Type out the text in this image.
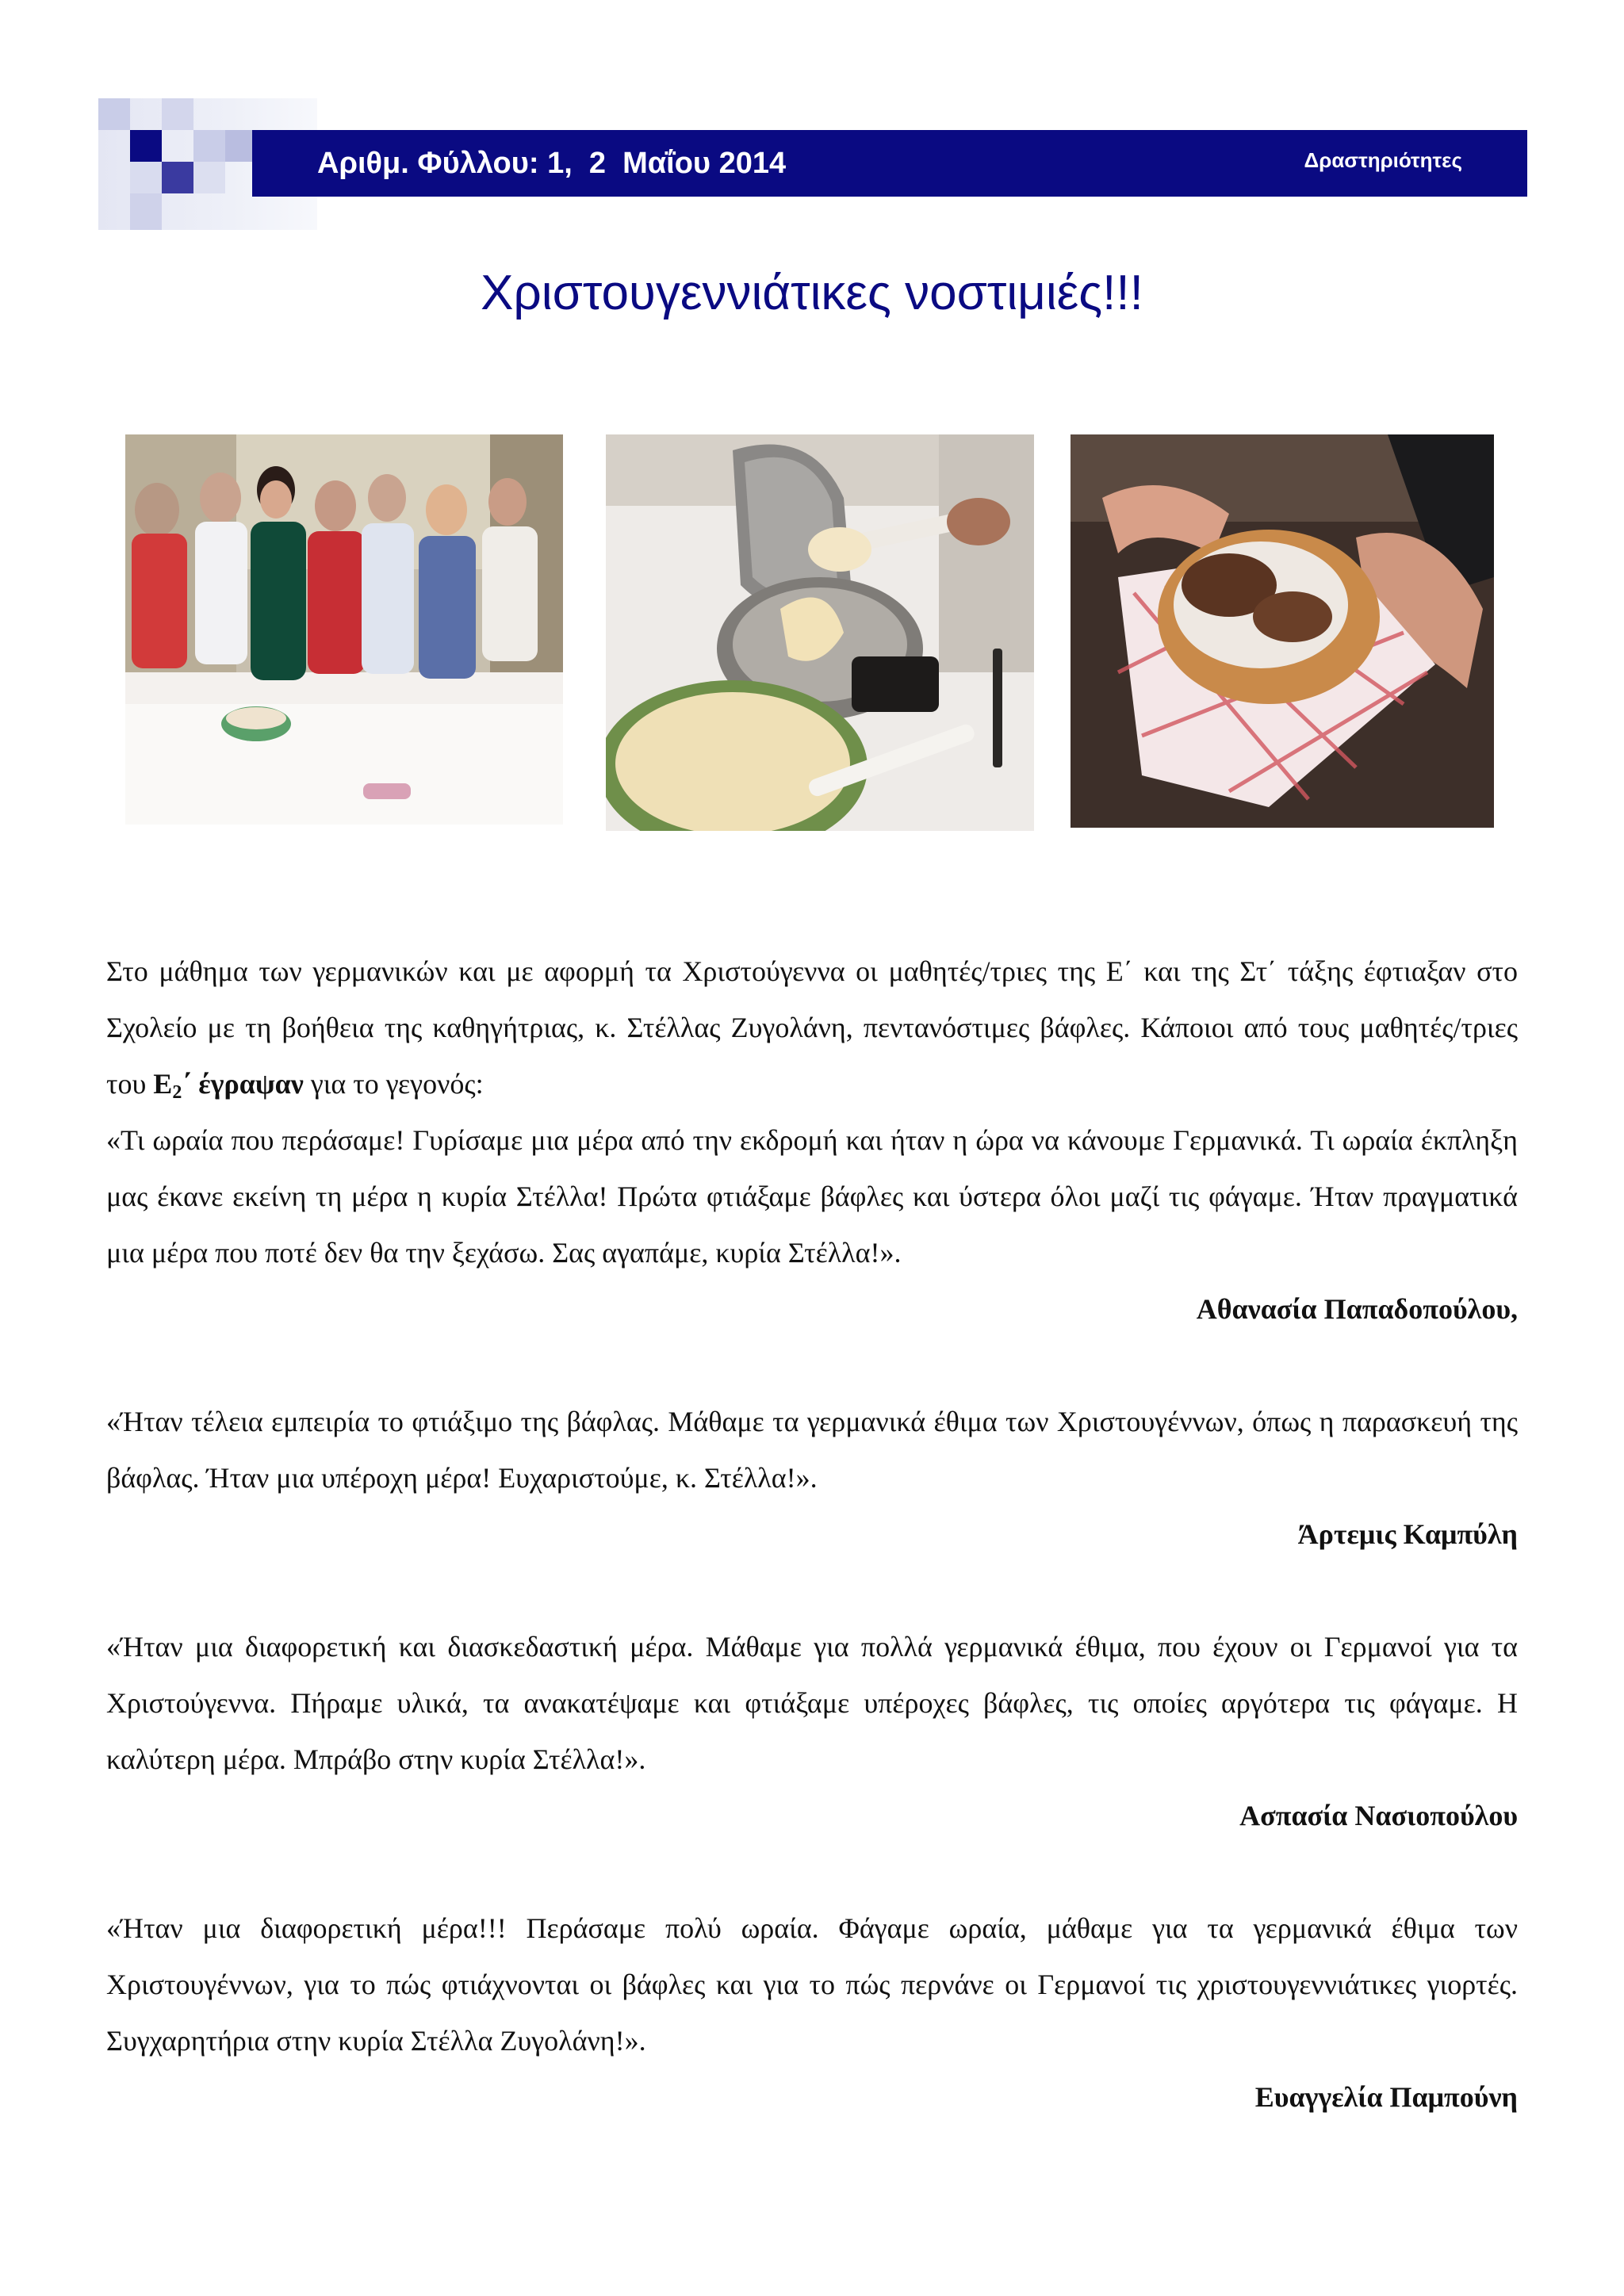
Αριθμ. Φύλλου: 1,  2  Μαΐου 2014	Δραστηριότητες
Χριστουγεννιάτικες νοστιμιές!!!

Στο μάθημα των γερμανικών και με αφορμή τα Χριστούγεννα οι μαθητές/τριες της Ε΄ και της Στ΄ τάξης έφτιαξαν στο Σχολείο με τη βοήθεια της καθηγήτριας, κ. Στέλλας Ζυγολάνη, πεντανόστιμες βάφλες. Κάποιοι από τους μαθητές/τριες του $E_2΄$ έγραψαν για το γεγονός:

«Τι ωραία που περάσαμε! Γυρίσαμε μια μέρα από την εκδρομή και ήταν η ώρα να κάνουμε Γερμανικά. Τι ωραία έκπληξη μας έκανε εκείνη τη μέρα η κυρία Στέλλα! Πρώτα φτιάξαμε βάφλες και ύστερα όλοι μαζί τις φάγαμε. Ήταν πραγματικά μια μέρα που ποτέ δεν θα την ξεχάσω. Σας αγαπάμε, κυρία Στέλλα!».

Αθανασία Παπαδοπούλου,

«Ήταν τέλεια εμπειρία το φτιάξιμο της βάφλας. Μάθαμε τα γερμανικά έθιμα των Χριστουγέννων, όπως η παρασκευή της βάφλας. Ήταν μια υπέροχη μέρα! Ευχαριστούμε, κ. Στέλλα!».

Άρτεμις Καμπύλη

«Ήταν μια διαφορετική και διασκεδαστική μέρα. Μάθαμε για πολλά γερμανικά έθιμα, που έχουν οι Γερμανοί για τα Χριστούγεννα. Πήραμε υλικά, τα ανακατέψαμε και φτιάξαμε υπέροχες βάφλες, τις οποίες αργότερα τις φάγαμε. Η καλύτερη μέρα. Μπράβο στην κυρία Στέλλα!».

Ασπασία Νασιοπούλου

«Ήταν μια διαφορετική μέρα!!! Περάσαμε πολύ ωραία. Φάγαμε ωραία, μάθαμε για τα γερμανικά έθιμα των Χριστουγέννων, για το πώς φτιάχνονται οι βάφλες και για το πώς περνάνε οι Γερμανοί τις χριστουγεννιάτικες γιορτές. Συγχαρητήρια στην κυρία Στέλλα Ζυγολάνη!».

Ευαγγελία Παμπούνη
